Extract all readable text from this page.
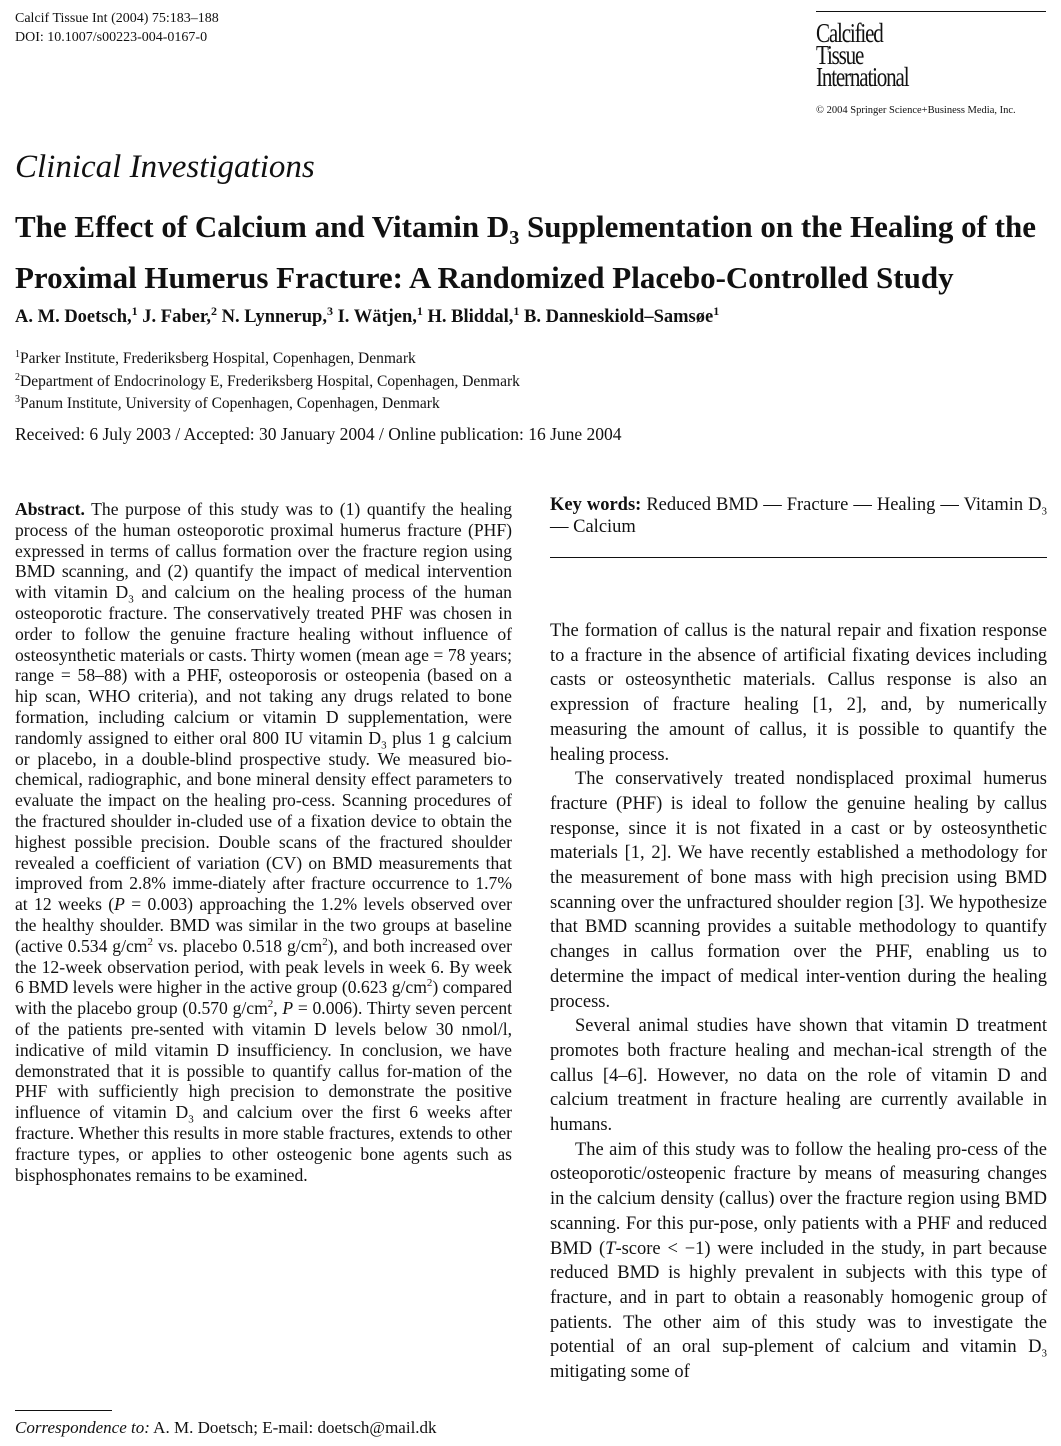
Calcif Tissue Int (2004) 75:183–188
DOI: 10.1007/s00223-004-0167-0	Calcified
Tissue
International
© 2004 Springer Science+Business Media, Inc.
Clinical Investigations
The Effect of Calcium and Vitamin $D_3$ Supplementation on the Healing of the Proximal Humerus Fracture: A Randomized Placebo-Controlled Study
A. M. Doetsch,$^1$ J. Faber,$^2$ N. Lynnerup,$^3$ I. Wätjen,$^1$ H. Bliddal,$^1$ B. Danneskiold–Samsøe$^1$
$^1$Parker Institute, Frederiksberg Hospital, Copenhagen, Denmark
$^2$Department of Endocrinology E, Frederiksberg Hospital, Copenhagen, Denmark
$^3$Panum Institute, University of Copenhagen, Copenhagen, Denmark
Received: 6 July 2003 / Accepted: 30 January 2004 / Online publication: 16 June 2004
Abstract. The purpose of this study was to (1) quantify the healing process of the human osteoporotic proximal humerus fracture (PHF) expressed in terms of callus formation over the fracture region using BMD scanning, and (2) quantify the impact of medical intervention with vitamin $D_3$ and calcium on the healing process of the human osteoporotic fracture. The conservatively treated PHF was chosen in order to follow the genuine fracture healing without influence of osteosynthetic materials or casts. Thirty women (mean age = 78 years; range = 58–88) with a PHF, osteoporosis or osteopenia (based on a hip scan, WHO criteria), and not taking any drugs related to bone formation, including calcium or vitamin D supplementation, were randomly assigned to either oral 800 IU vitamin $D_3$ plus 1 g calcium or placebo, in a double-blind prospective study. We measured bio-chemical, radiographic, and bone mineral density effect parameters to evaluate the impact on the healing pro-cess. Scanning procedures of the fractured shoulder in-cluded use of a fixation device to obtain the highest possible precision. Double scans of the fractured shoulder revealed a coefficient of variation (CV) on BMD measurements that improved from 2.8% imme-diately after fracture occurrence to 1.7% at 12 weeks (P = 0.003) approaching the 1.2% levels observed over the healthy shoulder. BMD was similar in the two groups at baseline (active 0.534 $g/cm^2$ vs. placebo 0.518 $g/cm^2$), and both increased over the 12-week observation period, with peak levels in week 6. By week 6 BMD levels were higher in the active group (0.623 $g/cm^2$) compared with the placebo group (0.570 $g/cm^2$, P = 0.006). Thirty seven percent of the patients pre-sented with vitamin D levels below 30 nmol/l, indicative of mild vitamin D insufficiency. In conclusion, we have demonstrated that it is possible to quantify callus for-mation of the PHF with sufficiently high precision to demonstrate the positive influence of vitamin $D_3$ and calcium over the first 6 weeks after fracture. Whether this results in more stable fractures, extends to other fracture types, or applies to other osteogenic bone agents such as bisphosphonates remains to be examined.
Key words: Reduced BMD — Fracture — Healing — Vitamin $D_3$ — Calcium

The formation of callus is the natural repair and fixation response to a fracture in the absence of artificial fixating devices including casts or osteosynthetic materials. Callus response is also an expression of fracture healing [1, 2], and, by numerically measuring the amount of callus, it is possible to quantify the healing process.

The conservatively treated nondisplaced proximal humerus fracture (PHF) is ideal to follow the genuine healing by callus response, since it is not fixated in a cast or by osteosynthetic materials [1, 2]. We have recently established a methodology for the measurement of bone mass with high precision using BMD scanning over the unfractured shoulder region [3]. We hypothesize that BMD scanning provides a suitable methodology to quantify changes in callus formation over the PHF, enabling us to determine the impact of medical inter-vention during the healing process.

Several animal studies have shown that vitamin D treatment promotes both fracture healing and mechan-ical strength of the callus [4–6]. However, no data on the role of vitamin D and calcium treatment in fracture healing are currently available in humans.

The aim of this study was to follow the healing pro-cess of the osteoporotic/osteopenic fracture by means of measuring changes in the calcium density (callus) over the fracture region using BMD scanning. For this pur-pose, only patients with a PHF and reduced BMD (T-score < −1) were included in the study, in part because reduced BMD is highly prevalent in subjects with this type of fracture, and in part to obtain a reasonably homogenic group of patients. The other aim of this study was to investigate the potential of an oral sup-plement of calcium and vitamin $D_3$ mitigating some of

Correspondence to: A. M. Doetsch; E-mail: doetsch@mail.dk
